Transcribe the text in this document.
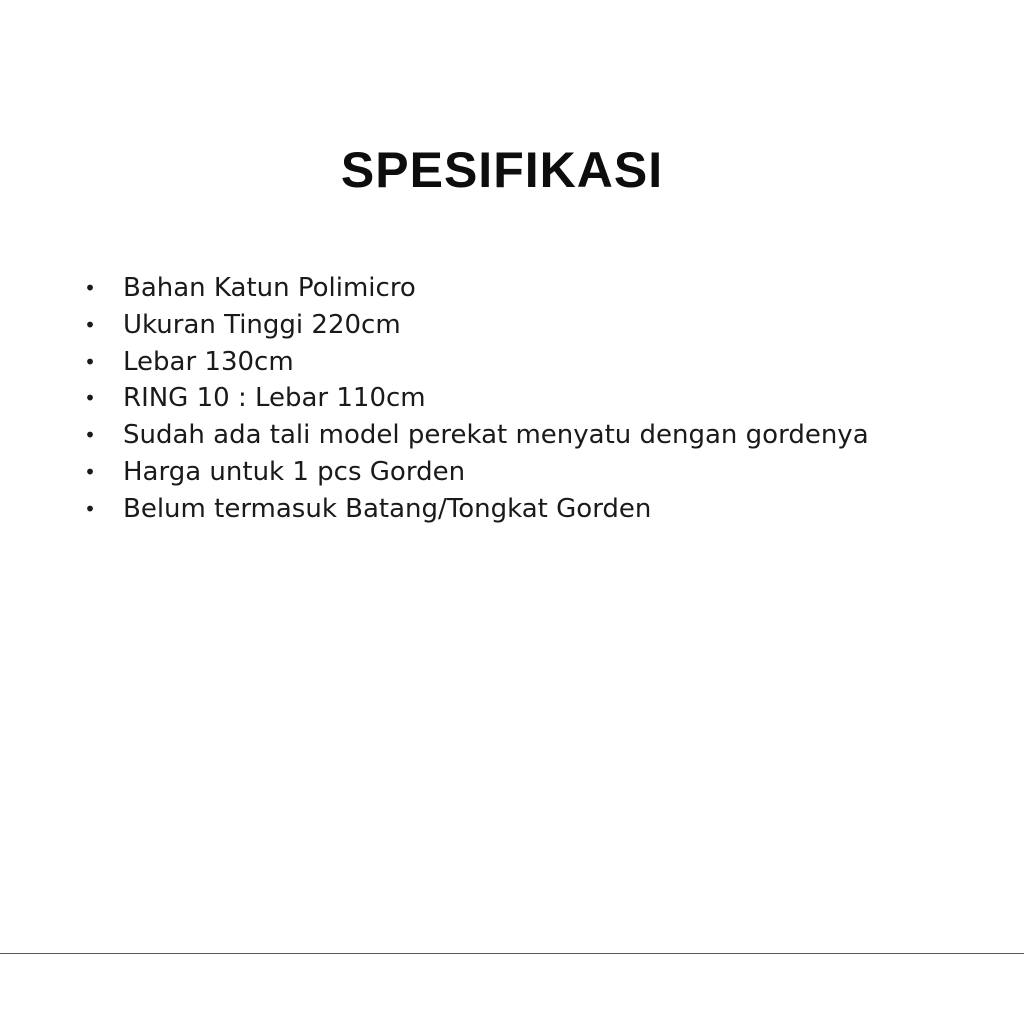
SPESIFIKASI
• Bahan Katun Polimicro
• Ukuran Tinggi 220cm
• Lebar 130cm
• RING 10 : Lebar 110cm
• Sudah ada tali model perekat menyatu dengan gordenya
• Harga untuk 1 pcs Gorden
• Belum termasuk Batang/Tongkat Gorden
